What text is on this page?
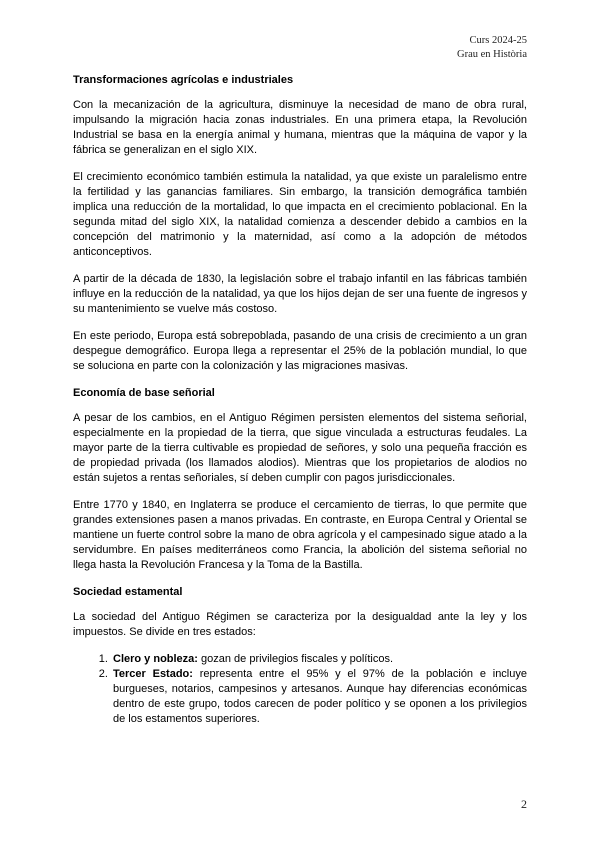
Curs 2024-25
Grau en Història
Transformaciones agrícolas e industriales

Con la mecanización de la agricultura, disminuye la necesidad de mano de obra rural, impulsando la migración hacia zonas industriales. En una primera etapa, la Revolución Industrial se basa en la energía animal y humana, mientras que la máquina de vapor y la fábrica se generalizan en el siglo XIX.

El crecimiento económico también estimula la natalidad, ya que existe un paralelismo entre la fertilidad y las ganancias familiares. Sin embargo, la transición demográfica también implica una reducción de la mortalidad, lo que impacta en el crecimiento poblacional. En la segunda mitad del siglo XIX, la natalidad comienza a descender debido a cambios en la concepción del matrimonio y la maternidad, así como a la adopción de métodos anticonceptivos.

A partir de la década de 1830, la legislación sobre el trabajo infantil en las fábricas también influye en la reducción de la natalidad, ya que los hijos dejan de ser una fuente de ingresos y su mantenimiento se vuelve más costoso.

En este periodo, Europa está sobrepoblada, pasando de una crisis de crecimiento a un gran despegue demográfico. Europa llega a representar el 25% de la población mundial, lo que se soluciona en parte con la colonización y las migraciones masivas.

Economía de base señorial

A pesar de los cambios, en el Antiguo Régimen persisten elementos del sistema señorial, especialmente en la propiedad de la tierra, que sigue vinculada a estructuras feudales. La mayor parte de la tierra cultivable es propiedad de señores, y solo una pequeña fracción es de propiedad privada (los llamados alodios). Mientras que los propietarios de alodios no están sujetos a rentas señoriales, sí deben cumplir con pagos jurisdiccionales.

Entre 1770 y 1840, en Inglaterra se produce el cercamiento de tierras, lo que permite que grandes extensiones pasen a manos privadas. En contraste, en Europa Central y Oriental se mantiene un fuerte control sobre la mano de obra agrícola y el campesinado sigue atado a la servidumbre. En países mediterráneos como Francia, la abolición del sistema señorial no llega hasta la Revolución Francesa y la Toma de la Bastilla.

Sociedad estamental

La sociedad del Antiguo Régimen se caracteriza por la desigualdad ante la ley y los impuestos. Se divide en tres estados:

1. Clero y nobleza: gozan de privilegios fiscales y políticos.
2. Tercer Estado: representa entre el 95% y el 97% de la población e incluye burgueses, notarios, campesinos y artesanos. Aunque hay diferencias económicas dentro de este grupo, todos carecen de poder político y se oponen a los privilegios de los estamentos superiores.
2
